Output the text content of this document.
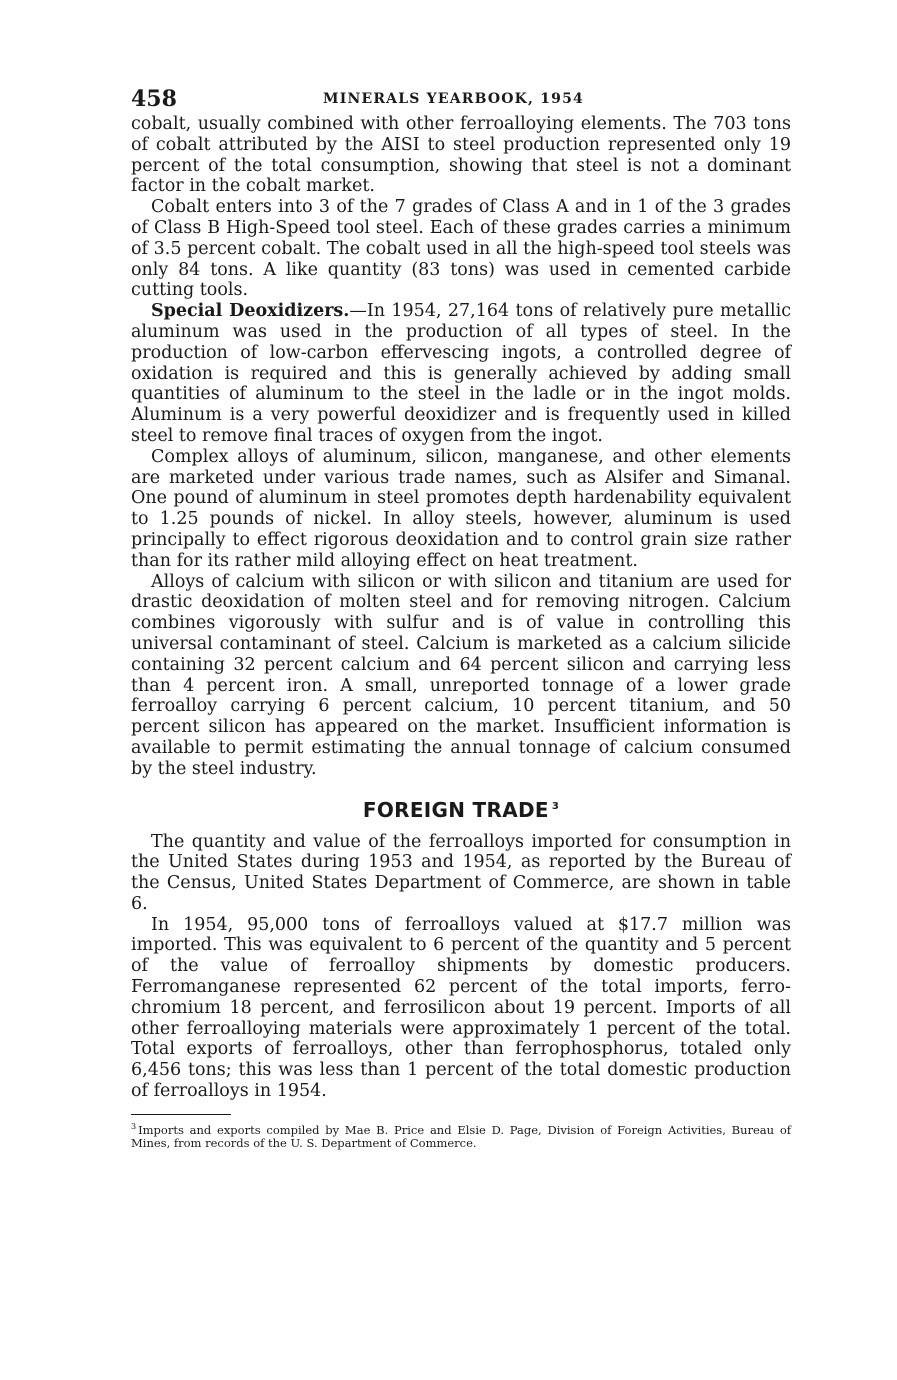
458	MINERALS YEARBOOK, 1954

cobalt, usually combined with other ferroalloying elements. The 703 tons of cobalt attributed by the AISI to steel production represented only 19 percent of the total consumption, showing that steel is not a dominant factor in the cobalt market.

Cobalt enters into 3 of the 7 grades of Class A and in 1 of the 3 grades of Class B High-Speed tool steel. Each of these grades carries a minimum of 3.5 percent cobalt. The cobalt used in all the high-speed tool steels was only 84 tons. A like quantity (83 tons) was used in cemented carbide cutting tools.

Special Deoxidizers.—In 1954, 27,164 tons of relatively pure metallic aluminum was used in the production of all types of steel. In the production of low-carbon effervescing ingots, a controlled degree of oxidation is required and this is generally achieved by adding small quantities of aluminum to the steel in the ladle or in the ingot molds. Aluminum is a very powerful deoxidizer and is frequently used in killed steel to remove final traces of oxygen from the ingot.

Complex alloys of aluminum, silicon, manganese, and other elements are marketed under various trade names, such as Alsifer and Simanal. One pound of aluminum in steel promotes depth hardenability equivalent to 1.25 pounds of nickel. In alloy steels, however, aluminum is used principally to effect rigorous deoxidation and to control grain size rather than for its rather mild alloying effect on heat treatment.

Alloys of calcium with silicon or with silicon and titanium are used for drastic deoxidation of molten steel and for removing nitrogen. Calcium combines vigorously with sulfur and is of value in controlling this universal contaminant of steel. Calcium is marketed as a calcium silicide containing 32 percent calcium and 64 percent silicon and carrying less than 4 percent iron. A small, unreported tonnage of a lower grade ferroalloy carrying 6 percent calcium, 10 percent titanium, and 50 percent silicon has appeared on the market. Insufficient information is available to permit estimating the annual tonnage of calcium consumed by the steel industry.

FOREIGN TRADE $^3$

The quantity and value of the ferroalloys imported for consumption in the United States during 1953 and 1954, as reported by the Bureau of the Census, United States Department of Commerce, are shown in table 6.

In 1954, 95,000 tons of ferroalloys valued at $17.7 million was imported. This was equivalent to 6 percent of the quantity and 5 percent of the value of ferroalloy shipments by domestic producers. Ferromanganese represented 62 percent of the total imports, ferrochromium 18 percent, and ferrosilicon about 19 percent. Imports of all other ferroalloying materials were approximately 1 percent of the total. Total exports of ferroalloys, other than ferrophosphorus, totaled only 6,456 tons; this was less than 1 percent of the total domestic production of ferroalloys in 1954.

$^3$ Imports and exports compiled by Mae B. Price and Elsie D. Page, Division of Foreign Activities, Bureau of Mines, from records of the U. S. Department of Commerce.
